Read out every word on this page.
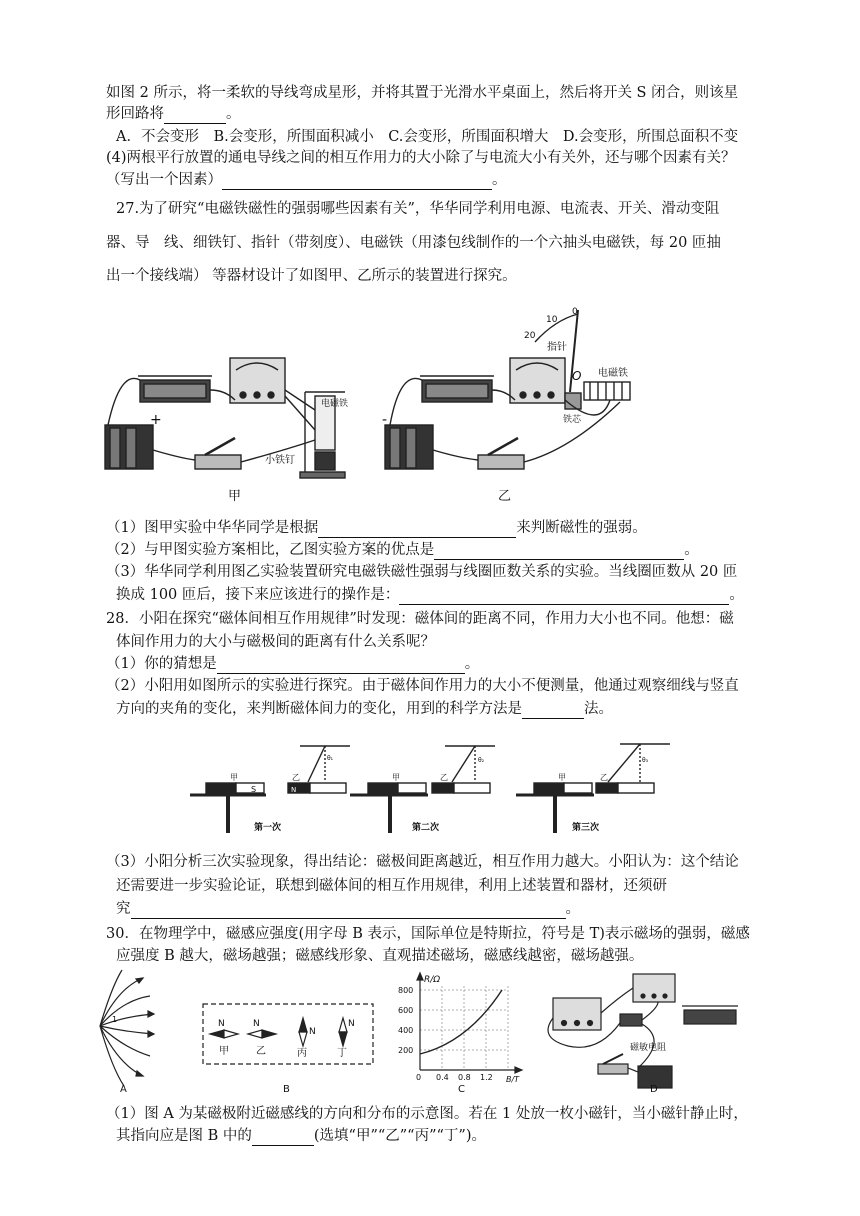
如图 2 所示，将一柔软的导线弯成星形，并将其置于光滑水平桌面上，然后将开关 S 闭合，则该星
形回路将	。
A．不会变形　B.会变形，所围面积减小　C.会变形，所围面积增大　D.会变形，所围总面积不变
(4)两根平行放置的通电导线之间的相互作用力的大小除了与电流大小有关外，还与哪个因素有关？
（写出一个因素）	。
27.为了研究“电磁铁磁性的强弱哪些因素有关”，华华同学利用电源、电流表、开关、滑动变阻
器、导　线、细铁钉、指针（带刻度）、电磁铁（用漆包线制作的一个六抽头电磁铁，每 20 匝抽
出一个接线端） 等器材设计了如图甲、乙所示的装置进行探究。
+
电磁铁
小铁钉
甲
20
10
0
指针
O 电磁铁
铁芯
-
乙
（1）图甲实验中华华同学是根据	来判断磁性的强弱。
（2）与甲图实验方案相比，乙图实验方案的优点是	。
（3）华华同学利用图乙实验装置研究电磁铁磁性强弱与线圈匝数关系的实验。当线圈匝数从 20 匝
换成 100 匝后，接下来应该进行的操作是：	。
28．小阳在探究“磁体间相互作用规律”时发现：磁体间的距离不同，作用力大小也不同。他想：磁
体间作用力的大小与磁极间的距离有什么关系呢？
（1）你的猜想是	。
（2）小阳用如图所示的实验进行探究。由于磁体间作用力的大小不便测量，他通过观察细线与竖直
方向的夹角的变化，来判断磁体间力的变化，用到的科学方法是	法。
甲
S
乙
N
θ₁
第一次
甲	乙
θ₂
第二次
甲	乙
θ₃
第三次
（3）小阳分析三次实验现象，得出结论：磁极间距离越近，相互作用力越大。小阳认为：这个结论
还需要进一步实验论证，联想到磁体间的相互作用规律，利用上述装置和器材，还须研
究	。
30．在物理学中，磁感应强度(用字母 B 表示，国际单位是特斯拉，符号是 T)表示磁场的强弱，磁感
应强度 B 越大，磁场越强；磁感线形象、直观描述磁场，磁感线越密，磁场越强。
1
A
N	N
N
N
甲	乙	丙	丁
B
R/Ω
800
600
400
200
0 0.4 0.8 1.2 B/T
C
磁敏电阻
D
（1）图 A 为某磁极附近磁感线的方向和分布的示意图。若在 1 处放一枚小磁针，当小磁针静止时，
其指向应是图 B 中的	(选填“甲”“乙”“丙”“丁”)。
